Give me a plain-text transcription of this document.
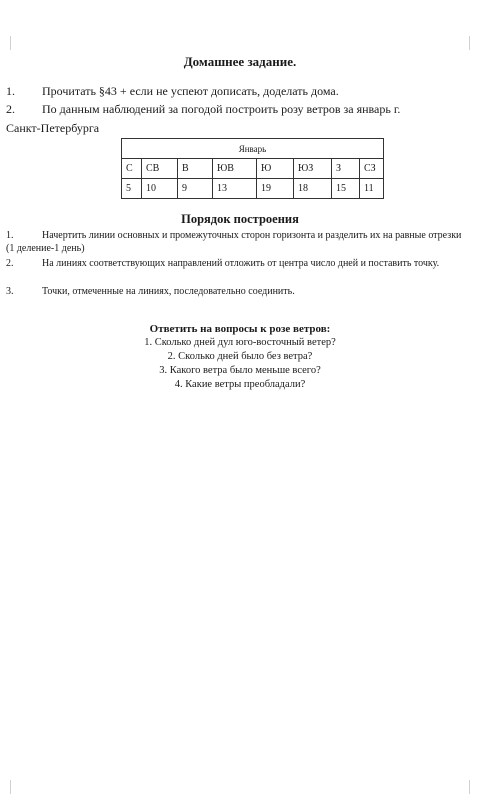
Домашнее задание.
1. Прочитать §43 + если не успеют дописать, доделать дома.
2. По данным наблюдений за погодой построить розу ветров за январь г.
Санкт-Петербурга
Январь							
С	СВ	В	ЮВ	Ю	ЮЗ	З	СЗ
5	10	9	13	19	18	15	11
Порядок построения
1.	Начертить линии основных и промежуточных сторон горизонта и разделить их на равные отрезки (1 деление-1 день)
2.	На линиях соответствующих направлений отложить от центра число дней и поставить точку.
3.	Точки, отмеченные на линиях, последовательно соединить.
Ответить на вопросы к розе ветров:
1. Сколько дней дул юго-восточный ветер?
2. Сколько дней было без ветра?
3. Какого ветра было меньше всего?
4. Какие ветры преобладали?
